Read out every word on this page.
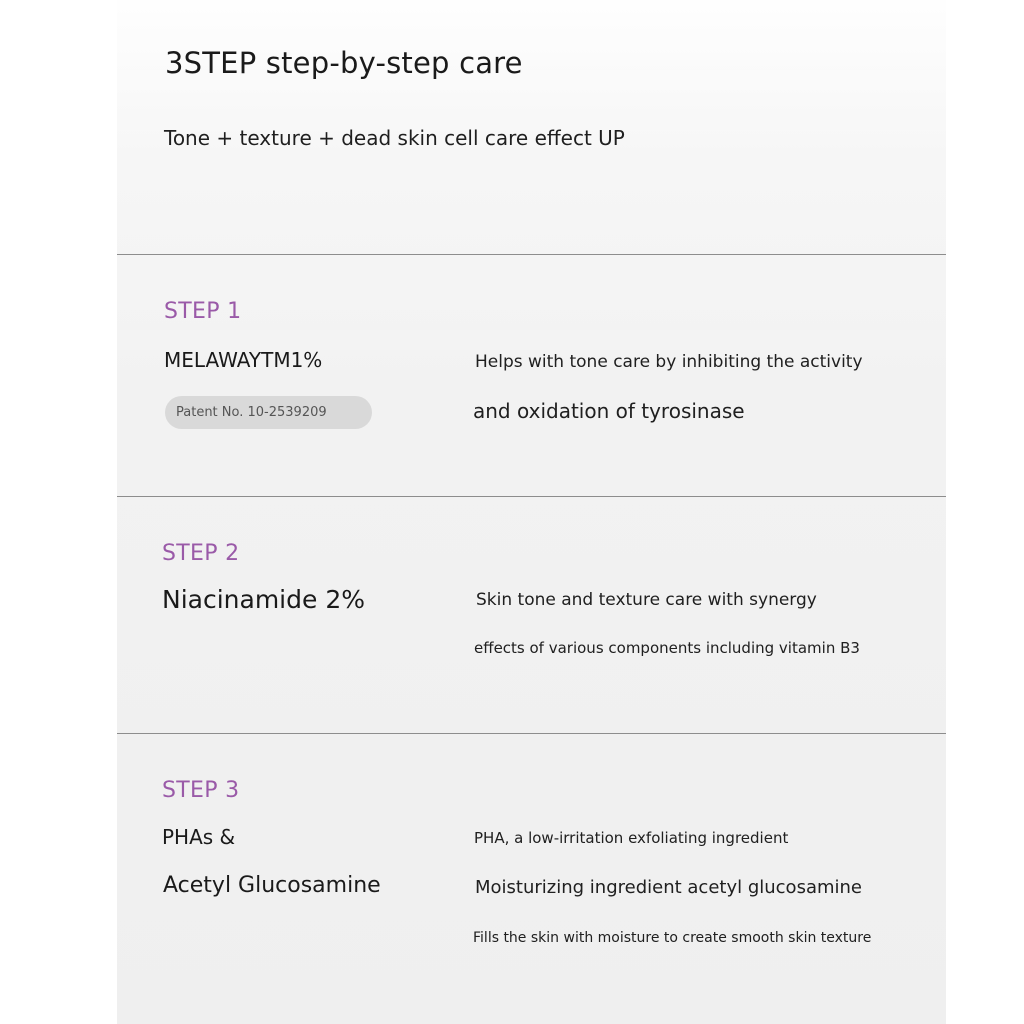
3STEP step-by-step care
Tone + texture + dead skin cell care effect UP
STEP 1
MELAWAYTM1%
Patent No. 10-2539209
Helps with tone care by inhibiting the activity
and oxidation of tyrosinase
STEP 2
Niacinamide 2%	Skin tone and texture care with synergy
effects of various components including vitamin B3
STEP 3
PHAs &
Acetyl Glucosamine
PHA, a low-irritation exfoliating ingredient
Moisturizing ingredient acetyl glucosamine
Fills the skin with moisture to create smooth skin texture
